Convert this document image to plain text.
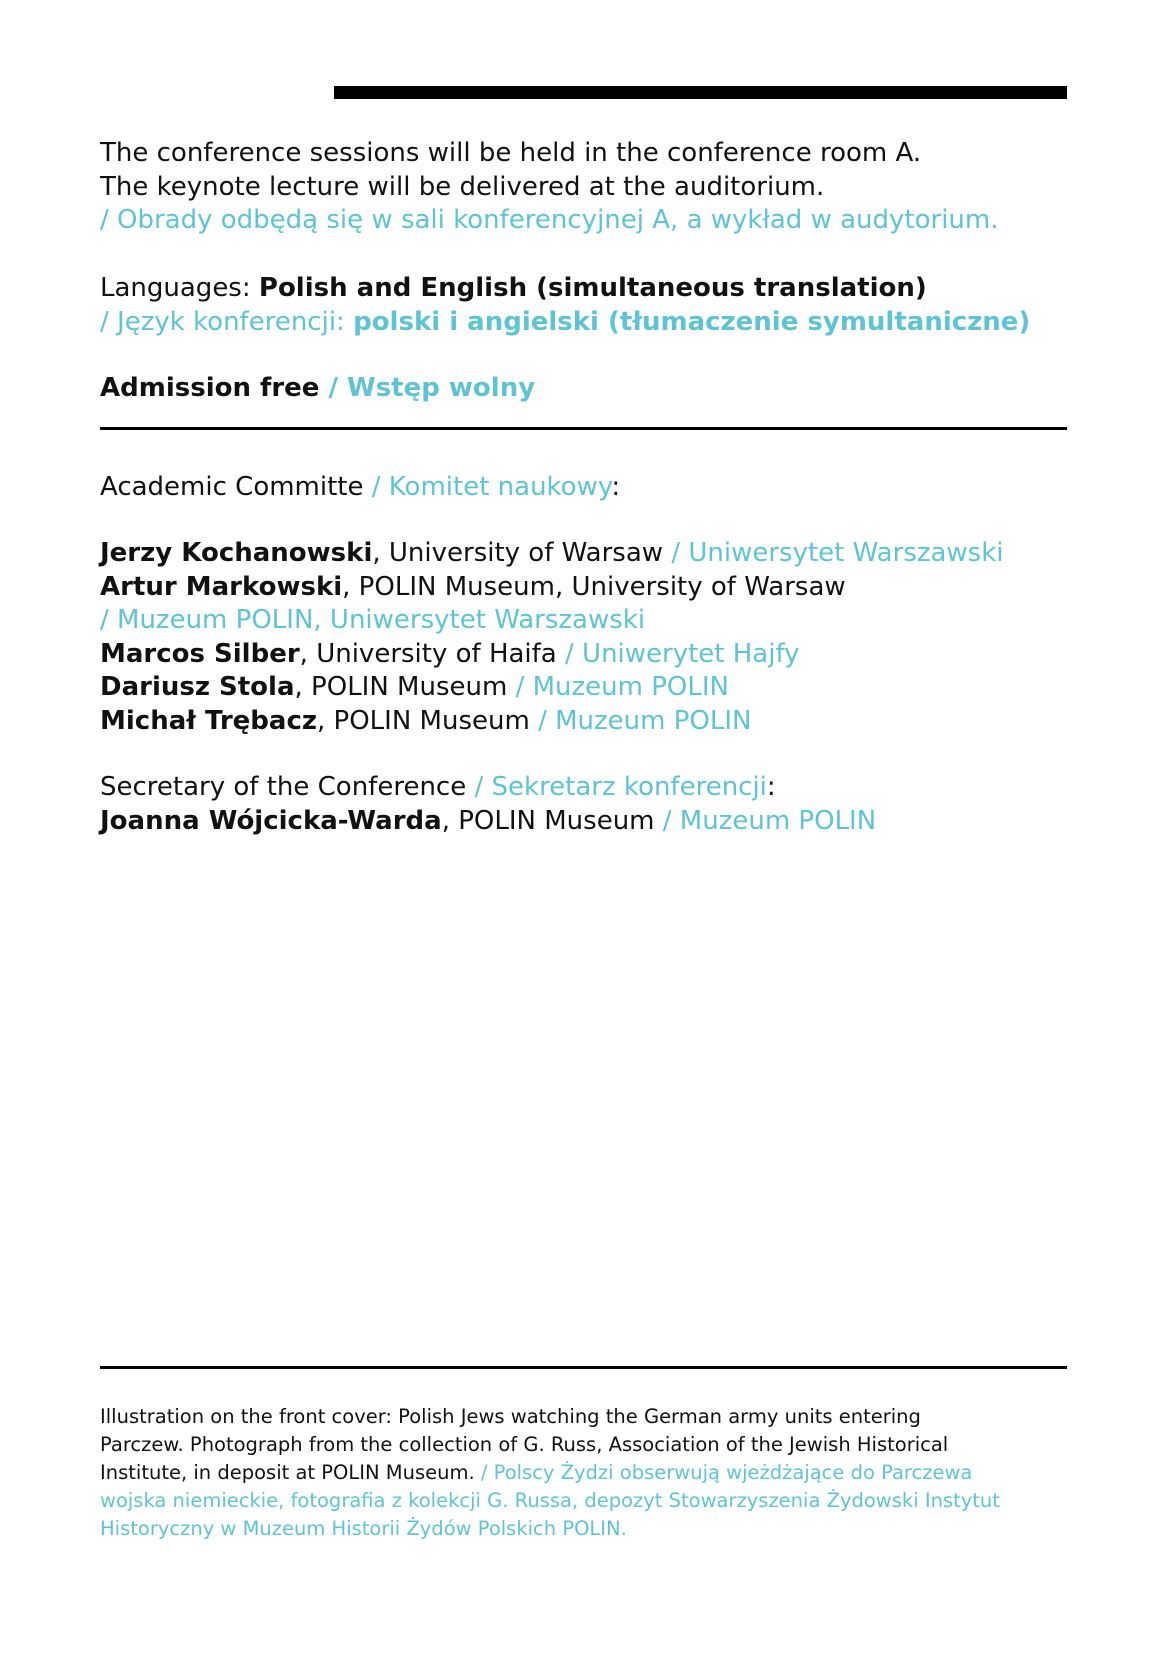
The conference sessions will be held in the conference room A.
The keynote lecture will be delivered at the auditorium.
/ Obrady odbędą się w sali konferencyjnej A, a wykład w audytorium.
Languages: Polish and English (simultaneous translation)
/ Język konferencji: polski i angielski (tłumaczenie symultaniczne)
Admission free / Wstęp wolny
Academic Committe / Komitet naukowy:
Jerzy Kochanowski, University of Warsaw / Uniwersytet Warszawski
Artur Markowski, POLIN Museum, University of Warsaw
/ Muzeum POLIN, Uniwersytet Warszawski
Marcos Silber, University of Haifa / Uniwerytet Hajfy
Dariusz Stola, POLIN Museum / Muzeum POLIN
Michał Trębacz, POLIN Museum / Muzeum POLIN
Secretary of the Conference / Sekretarz konferencji:
Joanna Wójcicka-Warda, POLIN Museum / Muzeum POLIN
Illustration on the front cover: Polish Jews watching the German army units entering
Parczew. Photograph from the collection of G. Russ, Association of the Jewish Historical
Institute, in deposit at POLIN Museum. / Polscy Żydzi obserwują wjeżdżające do Parczewa
wojska niemieckie, fotografia z kolekcji G. Russa, depozyt Stowarzyszenia Żydowski Instytut
Historyczny w Muzeum Historii Żydów Polskich POLIN.
